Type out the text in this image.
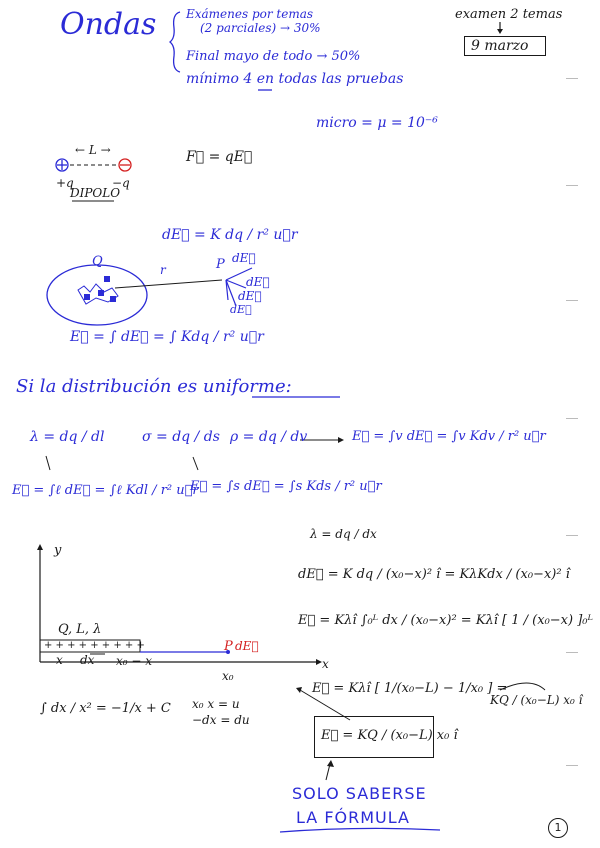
Ondas Exámenes por temas
(2 parciales) → 30%
Final mayo de todo → 50%
mínimo 4 en todas las pruebas
examen 2 temas
9 marzo
micro = μ = 10⁻⁶
← L →
+q	−q
F⃗ = qE⃗
DIPOLO
dE⃗ = K dq / r² u⃗r
Q
r	P dE⃗
dE⃗
dE⃗
dE⃗
E⃗ = ∫ dE⃗ = ∫ Kdq / r² u⃗r
Si la distribución es uniforme:
λ = dq / dl	σ = dq / ds ρ = dq / dv	E⃗ = ∫v dE⃗ = ∫v Kdv / r² u⃗r
E⃗ = ∫ℓ dE⃗ = ∫ℓ Kdl / r² u⃗r
E⃗ = ∫s dE⃗ = ∫s Kds / r² u⃗r
λ = dq / dx
y
x
Q, L, λ
+ + + + + + + + +
x dx x₀ − x
P dE⃗
x₀
dE⃗ = K dq / (x₀−x)² î = KλKdx / (x₀−x)² î
E⃗ = Kλî ∫₀ᴸ dx / (x₀−x)² = Kλî [ 1 / (x₀−x) ]₀ᴸ
∫ dx / x² = −1/x + C x₀ x = u
−dx = du
E⃗ = Kλî [ 1/(x₀−L) − 1/x₀ ] =
KQ / (x₀−L) x₀ î
E⃗ = KQ / (x₀−L) x₀ î
SOLO SABERSE
LA FÓRMULA
1
